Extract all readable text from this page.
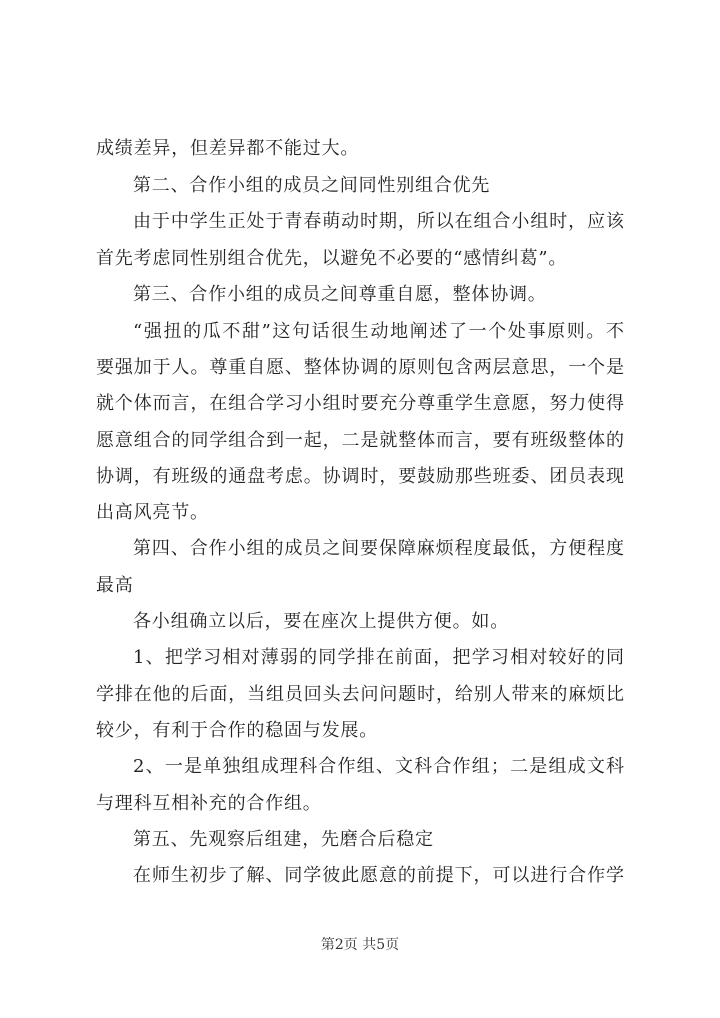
成绩差异，但差异都不能过大。
第二、合作小组的成员之间同性别组合优先
由于中学生正处于青春萌动时期，所以在组合小组时，应该
首先考虑同性别组合优先，以避免不必要的“感情纠葛”。
第三、合作小组的成员之间尊重自愿，整体协调。
“强扭的瓜不甜”这句话很生动地阐述了一个处事原则。不
要强加于人。尊重自愿、整体协调的原则包含两层意思，一个是
就个体而言，在组合学习小组时要充分尊重学生意愿，努力使得
愿意组合的同学组合到一起，二是就整体而言，要有班级整体的
协调，有班级的通盘考虑。协调时，要鼓励那些班委、团员表现
出高风亮节。
第四、合作小组的成员之间要保障麻烦程度最低，方便程度
最高
各小组确立以后，要在座次上提供方便。如。
1、把学习相对薄弱的同学排在前面，把学习相对较好的同
学排在他的后面，当组员回头去问问题时，给别人带来的麻烦比
较少，有利于合作的稳固与发展。
2、一是单独组成理科合作组、文科合作组；二是组成文科
与理科互相补充的合作组。
第五、先观察后组建，先磨合后稳定
在师生初步了解、同学彼此愿意的前提下，可以进行合作学
第2页 共5页
